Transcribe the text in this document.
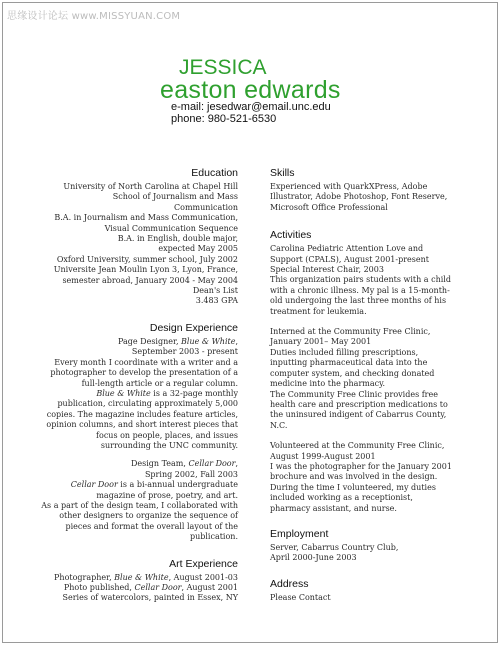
思缘设计论坛 www.MISSYUAN.COM
JESSICA
easton edwards
e-mail: jesedwar@email.unc.edu
phone: 980-521-6530
Education
University of North Carolina at Chapel Hill
School of Journalism and Mass
Communication
B.A. in Journalism and Mass Communication,
Visual Communication Sequence
B.A. in English, double major,
expected May 2005
Oxford University, summer school, July 2002
Universite Jean Moulin Lyon 3, Lyon, France,
semester abroad, January 2004 - May 2004
Dean's List
3.483 GPA
Design Experience
Page Designer, Blue & White,
September 2003 - present
Every month I coordinate with a writer and a
photographer to develop the presentation of a
full-length article or a regular column.
Blue & White is a 32-page monthly
publication, circulating approximately 5,000
copies. The magazine includes feature articles,
opinion columns, and short interest pieces that
focus on people, places, and issues
surrounding the UNC community.
Design Team, Cellar Door,
Spring 2002, Fall 2003
Cellar Door is a bi-annual undergraduate
magazine of prose, poetry, and art.
As a part of the design team, I collaborated with
other designers to organize the sequence of
pieces and format the overall layout of the
publication.
Art Experience
Photographer, Blue & White, August 2001-03
Photo published, Cellar Door, August 2001
Series of watercolors, painted in Essex, NY
Skills
Experienced with QuarkXPress, Adobe
Illustrator, Adobe Photoshop, Font Reserve,
Microsoft Office Professional
Activities
Carolina Pediatric Attention Love and
Support (CPALS), August 2001-present
Special Interest Chair, 2003
This organization pairs students with a child
with a chronic illness. My pal is a 15-month-
old undergoing the last three months of his
treatment for leukemia.
Interned at the Community Free Clinic,
January 2001– May 2001
Duties included filling prescriptions,
inputting pharmaceutical data into the
computer system, and checking donated
medicine into the pharmacy.
The Community Free Clinic provides free
health care and prescription medications to
the uninsured indigent of Cabarrus County,
N.C.
Volunteered at the Community Free Clinic,
August 1999-August 2001
I was the photographer for the January 2001
brochure and was involved in the design.
During the time I volunteered, my duties
included working as a receptionist,
pharmacy assistant, and nurse.
Employment
Server, Cabarrus Country Club,
April 2000-June 2003
Address
Please Contact
